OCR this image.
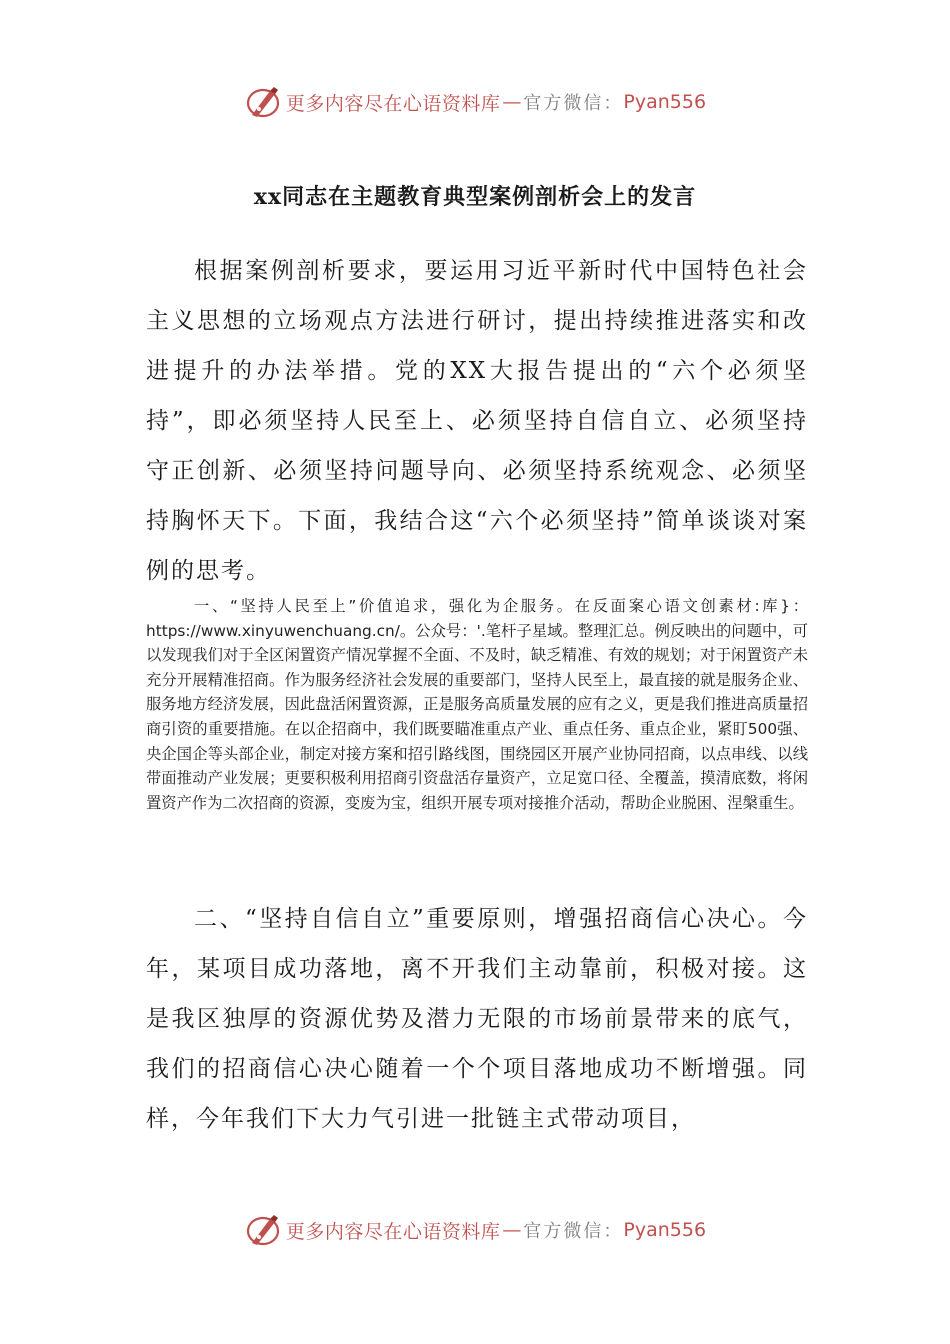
更多内容尽在心语资料库 — 官方微信： Pyan556
xx同志在主题教育典型案例剖析会上的发言

根据案例剖析要求，要运用习近平新时代中国特色社会主义思想的立场观点方法进行研讨，提出持续推进落实和改进提升的办法举措。党的XX大报告提出的“六个必须坚持”，即必须坚持人民至上、必须坚持自信自立、必须坚持守正创新、必须坚持问题导向、必须坚持系统观念、必须坚持胸怀天下。下面，我结合这“六个必须坚持”简单谈谈对案例的思考。

一、“坚持人民至上”价值追求，强化为企服务。在反面案心语文创素材:库}：https://www.xinyuwenchuang.cn/。公众号：'.笔杆子星域。整理汇总。例反映出的问题中，可以发现我们对于全区闲置资产情况掌握不全面、不及时，缺乏精准、有效的规划；对于闲置资产未充分开展精准招商。作为服务经济社会发展的重要部门，坚持人民至上，最直接的就是服务企业、服务地方经济发展，因此盘活闲置资源，正是服务高质量发展的应有之义，更是我们推进高质量招商引资的重要措施。在以企招商中，我们既要瞄准重点产业、重点任务、重点企业，紧盯500强、央企国企等头部企业，制定对接方案和招引路线图，围绕园区开展产业协同招商，以点串线、以线带面推动产业发展；更要积极利用招商引资盘活存量资产，立足宽口径、全覆盖，摸清底数，将闲置资产作为二次招商的资源，变废为宝，组织开展专项对接推介活动，帮助企业脱困、涅槃重生。

二、“坚持自信自立”重要原则，增强招商信心决心。今年，某项目成功落地，离不开我们主动靠前，积极对接。这是我区独厚的资源优势及潜力无限的市场前景带来的底气，我们的招商信心决心随着一个个项目落地成功不断增强。同样，今年我们下大力气引进一批链主式带动项目，

更多内容尽在心语资料库 — 官方微信： Pyan556
